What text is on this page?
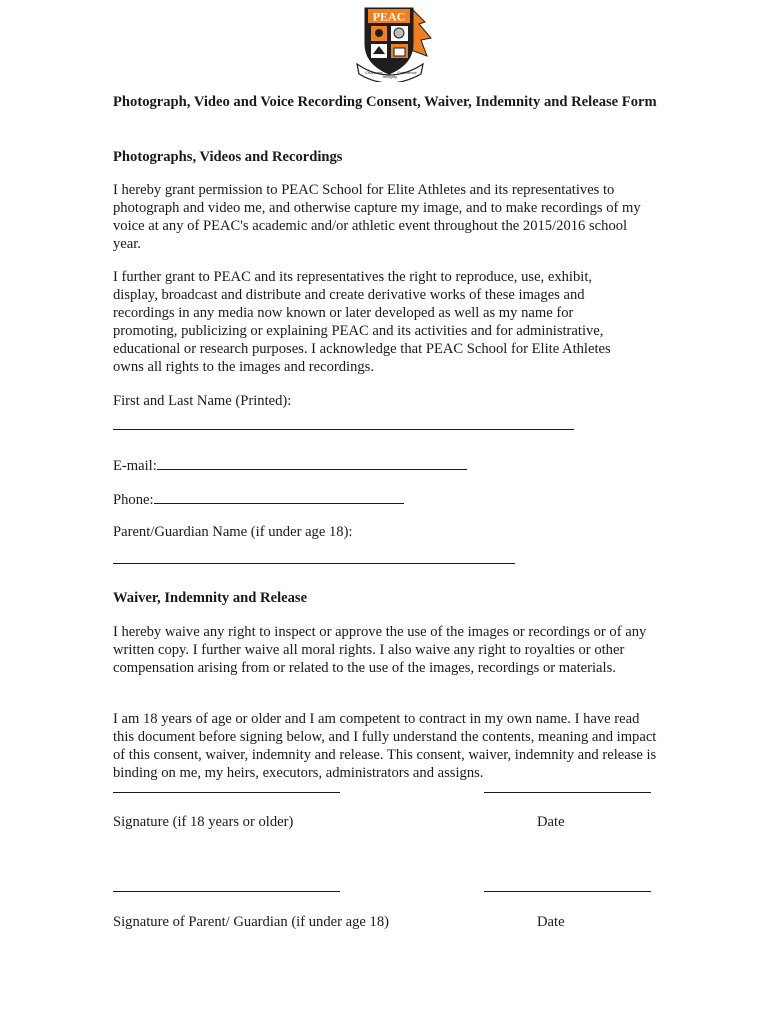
PEAC
Character
Integrity
Excellence
Photograph, Video and Voice Recording Consent, Waiver, Indemnity and Release Form
Photographs, Videos and Recordings

I hereby grant permission to PEAC School for Elite Athletes and its representatives to photograph and video me, and otherwise capture my image, and to make recordings of my voice at any of PEAC's academic and/or athletic event throughout the 2015/2016 school year.

I further grant to PEAC and its representatives the right to reproduce, use, exhibit, display, broadcast and distribute and create derivative works of these images and recordings in any media now known or later developed as well as my name for promoting, publicizing or explaining PEAC and its activities and for administrative, educational or research purposes. I acknowledge that PEAC School for Elite Athletes owns all rights to the images and recordings.

First and Last Name (Printed):
E-mail:
Phone:
Parent/Guardian Name (if under age 18):
Waiver, Indemnity and Release

I hereby waive any right to inspect or approve the use of the images or recordings or of any written copy. I further waive all moral rights. I also waive any right to royalties or other compensation arising from or related to the use of the images, recordings or materials.

I am 18 years of age or older and I am competent to contract in my own name. I have read this document before signing below, and I fully understand the contents, meaning and impact of this consent, waiver, indemnity and release. This consent, waiver, indemnity and release is binding on me, my heirs, executors, administrators and assigns.

Signature (if 18 years or older)	Date
Signature of Parent/ Guardian (if under age 18)	Date
